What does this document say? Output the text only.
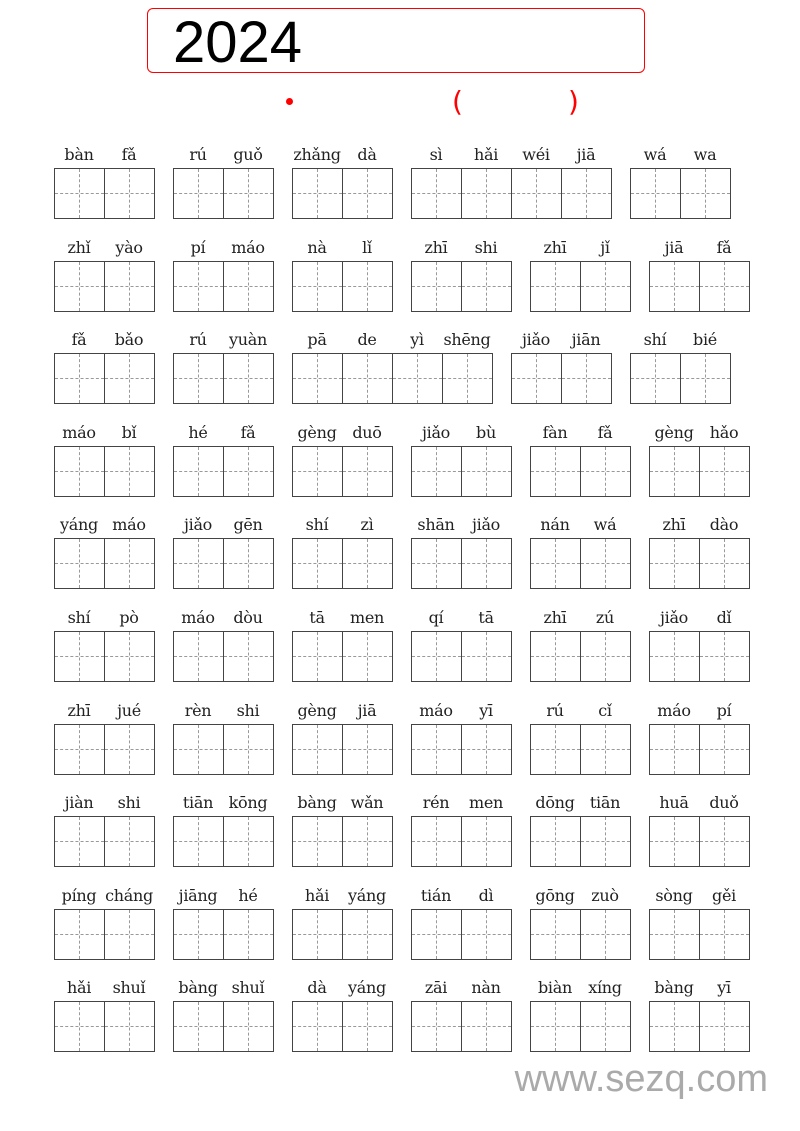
2024
(	)
bàn	fǎ	rú	guǒ	zhǎng	dà	sì	hǎi	wéi	jiā	wá	wa
zhǐ	yào	pí	máo	nà	lǐ	zhī	shi	zhī	jǐ	jiā	fǎ
fǎ	bǎo	rú	yuàn	pā	de	yì	shēng	jiǎo	jiān	shí	bié
máo	bǐ	hé	fǎ	gèng duō	jiǎo	bù	fàn	fǎ	gèng	hǎo
yáng máo	jiǎo	gēn	shí	zì	shān	jiǎo	nán	wá	zhī	dào
shí	pò	máo	dòu	tā	men	qí	tā	zhī	zú	jiǎo	dǐ
zhī	jué	rèn	shi	gèng	jiā	máo	yī	rú	cǐ	máo	pí
jiàn	shi	tiān kōng	bàng wǎn	rén	men	dōng tiān	huā	duǒ
píng cháng	jiāng	hé	hǎi	yáng	tián	dì	gōng	zuò	sòng	gěi
hǎi	shuǐ	bàng shuǐ	dà	yáng	zāi	nàn	biàn	xíng	bàng	yī
www.sezq.com
